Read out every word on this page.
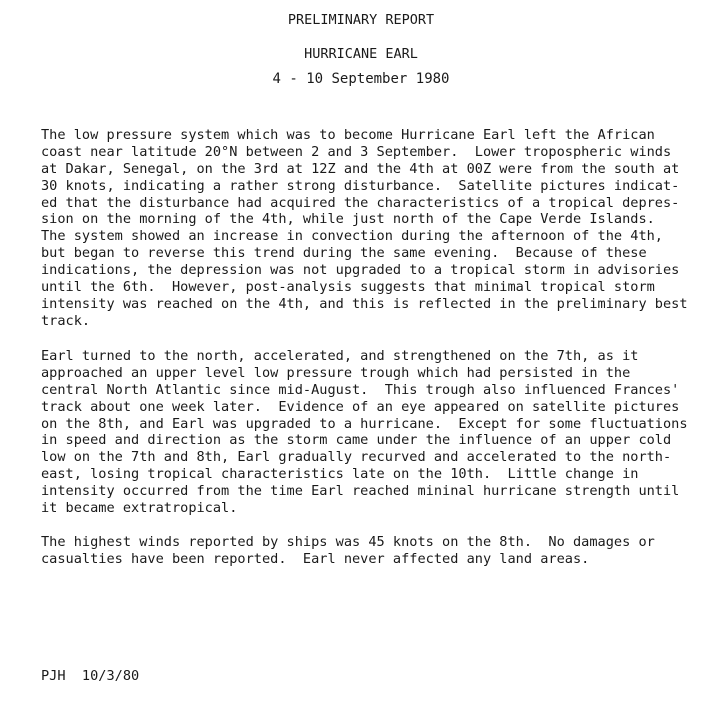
PRELIMINARY REPORT
HURRICANE EARL
4 - 10 September 1980
The low pressure system which was to become Hurricane Earl left the African
coast near latitude 20°N between 2 and 3 September.  Lower tropospheric winds
at Dakar, Senegal, on the 3rd at 12Z and the 4th at 00Z were from the south at
30 knots, indicating a rather strong disturbance.  Satellite pictures indicat-
ed that the disturbance had acquired the characteristics of a tropical depres-
sion on the morning of the 4th, while just north of the Cape Verde Islands.
The system showed an increase in convection during the afternoon of the 4th,
but began to reverse this trend during the same evening.  Because of these
indications, the depression was not upgraded to a tropical storm in advisories
until the 6th.  However, post-analysis suggests that minimal tropical storm
intensity was reached on the 4th, and this is reflected in the preliminary best
track.
Earl turned to the north, accelerated, and strengthened on the 7th, as it
approached an upper level low pressure trough which had persisted in the
central North Atlantic since mid-August.  This trough also influenced Frances'
track about one week later.  Evidence of an eye appeared on satellite pictures
on the 8th, and Earl was upgraded to a hurricane.  Except for some fluctuations
in speed and direction as the storm came under the influence of an upper cold
low on the 7th and 8th, Earl gradually recurved and accelerated to the north-
east, losing tropical characteristics late on the 10th.  Little change in
intensity occurred from the time Earl reached mininal hurricane strength until
it became extratropical.
The highest winds reported by ships was 45 knots on the 8th.  No damages or
casualties have been reported.  Earl never affected any land areas.
PJH  10/3/80
